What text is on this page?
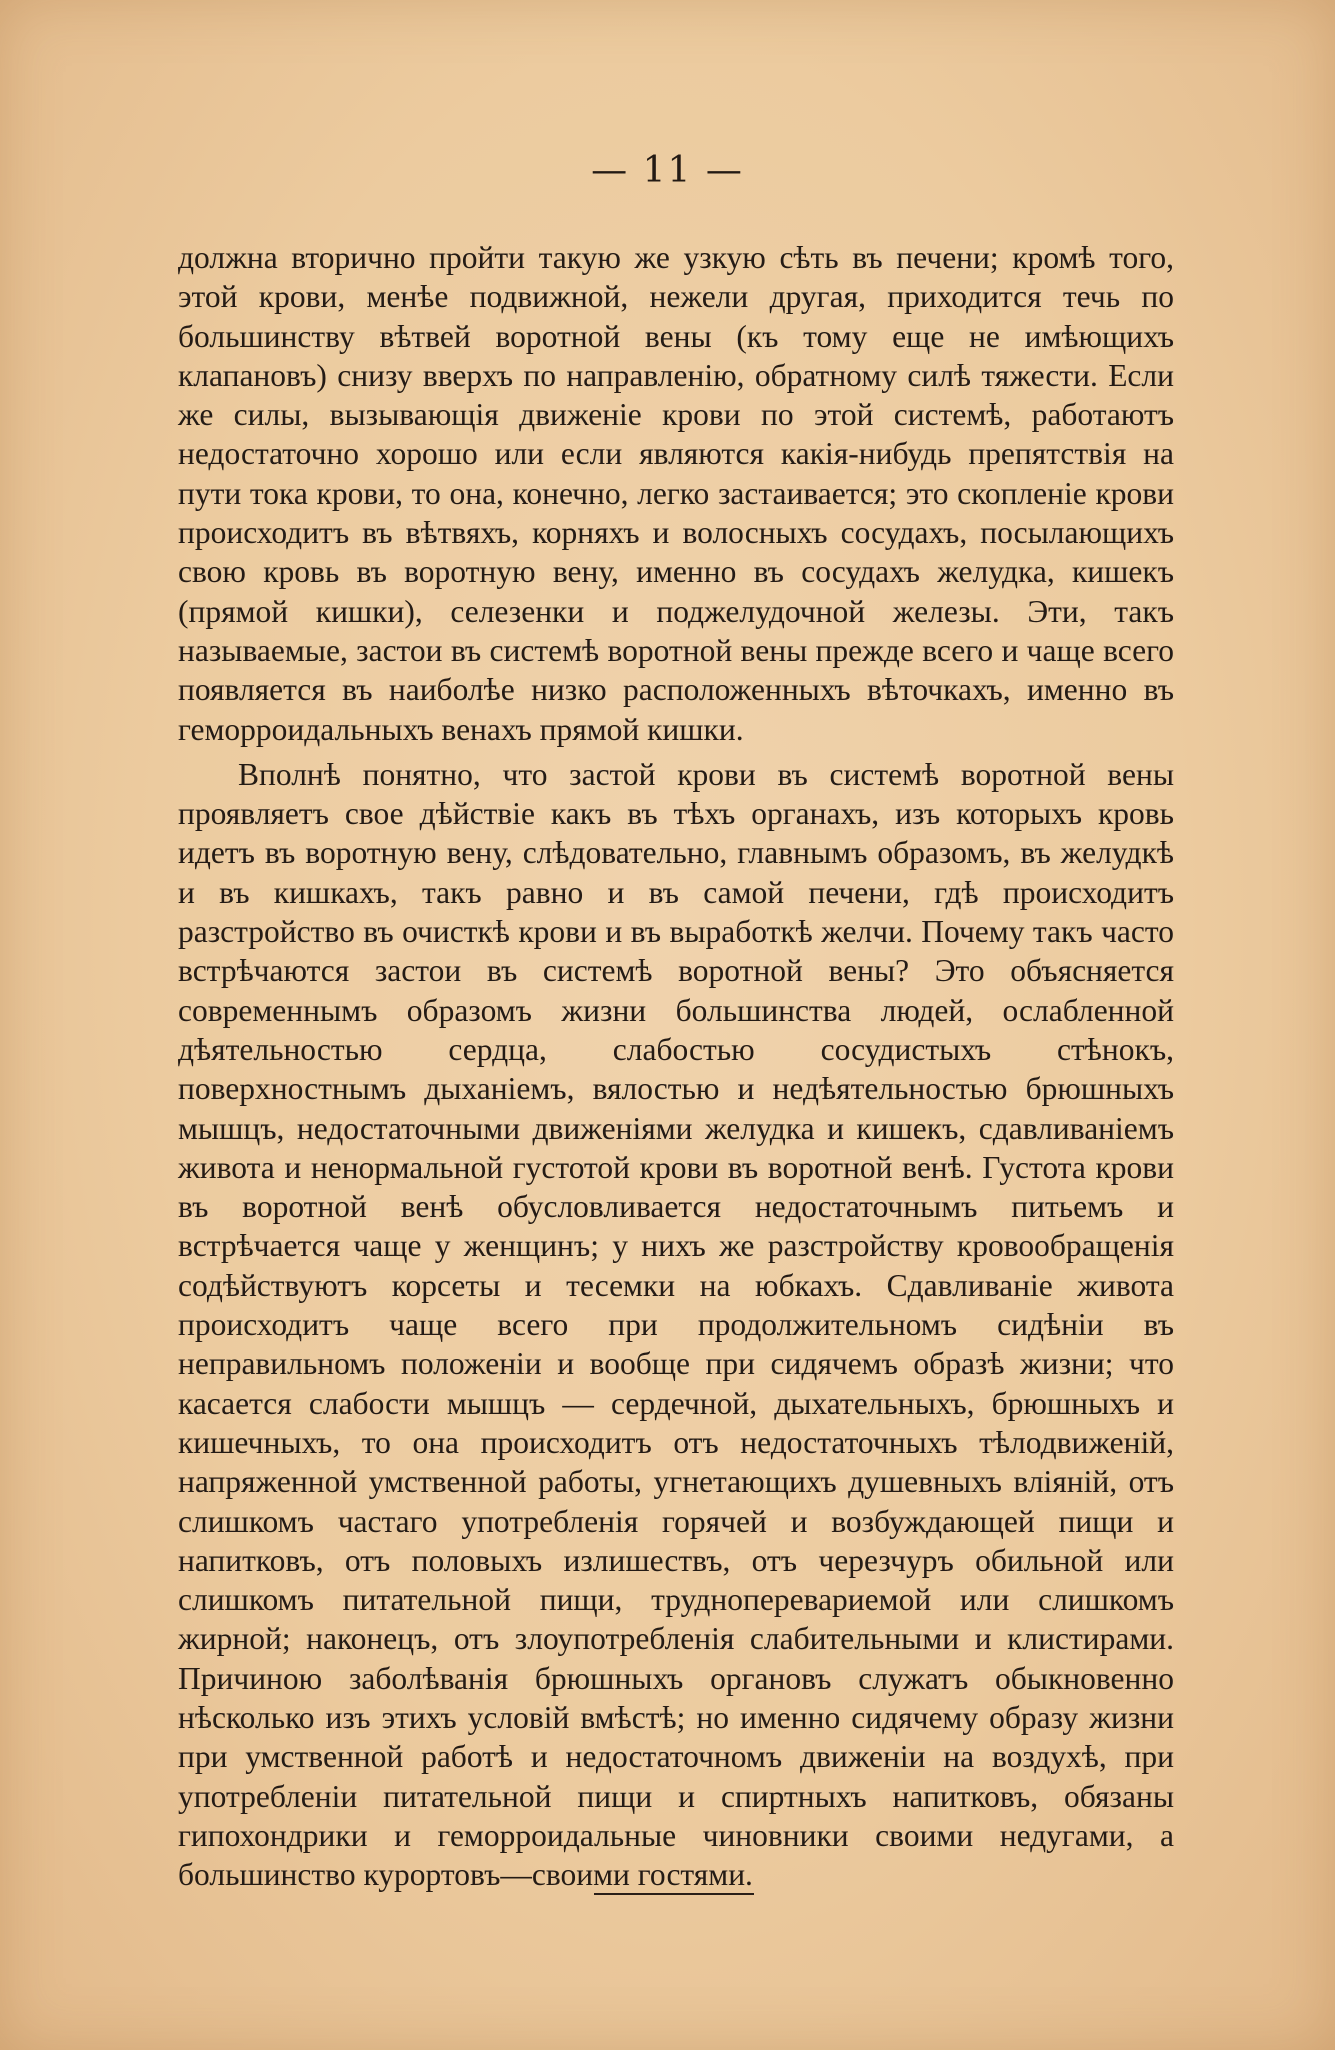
— 11 —

должна вторично пройти такую же узкую сѣть въ печени; кромѣ того, этой крови, менѣе подвижной, нежели другая, приходится течь по большинству вѣтвей воротной вены (къ тому еще не имѣющихъ клапановъ) снизу вверхъ по направленію, обратному силѣ тяжести. Если же силы, вызывающія движеніе крови по этой системѣ, работаютъ недостаточно хорошо или если являются какія-нибудь препятствія на пути тока крови, то она, конечно, легко застаивается; это скопленіе крови происходитъ въ вѣтвяхъ, корняхъ и волосныхъ сосудахъ, посылающихъ свою кровь въ воротную вену, именно въ сосудахъ желудка, кишекъ (прямой кишки), селезенки и поджелудочной железы. Эти, такъ называемые, застои въ системѣ воротной вены прежде всего и чаще всего появляется въ наиболѣе низко расположенныхъ вѣточкахъ, именно въ геморроидальныхъ венахъ прямой кишки.

Вполнѣ понятно, что застой крови въ системѣ воротной вены проявляетъ свое дѣйствіе какъ въ тѣхъ органахъ, изъ которыхъ кровь идетъ въ воротную вену, слѣдовательно, главнымъ образомъ, въ желудкѣ и въ кишкахъ, такъ равно и въ самой печени, гдѣ происходитъ разстройство въ очисткѣ крови и въ выработкѣ желчи. Почему такъ часто встрѣчаются застои въ системѣ воротной вены? Это объясняется современнымъ образомъ жизни большинства людей, ослабленной дѣятельностью сердца, слабостью сосудистыхъ стѣнокъ, поверхностнымъ дыханіемъ, вялостью и недѣятельностью брюшныхъ мышцъ, недостаточными движеніями желудка и кишекъ, сдавливаніемъ живота и ненормальной густотой крови въ воротной венѣ. Густота крови въ воротной венѣ обусловливается недостаточнымъ питьемъ и встрѣчается чаще у женщинъ; у нихъ же разстройству кровообращенія содѣйствуютъ корсеты и тесемки на юбкахъ. Сдавливаніе живота происходитъ чаще всего при продолжительномъ сидѣніи въ неправильномъ положеніи и вообще при сидячемъ образѣ жизни; что касается слабости мышцъ — сердечной, дыхательныхъ, брюшныхъ и кишечныхъ, то она происходитъ отъ недостаточныхъ тѣлодвиженій, напряженной умственной работы, угнетающихъ душевныхъ вліяній, отъ слишкомъ частаго употребленія горячей и возбуждающей пищи и напитковъ, отъ половыхъ излишествъ, отъ черезчуръ обильной или слишкомъ питательной пищи, трудноперевариемой или слишкомъ жирной; наконецъ, отъ злоупотребленія слабительными и клистирами. Причиною заболѣванія брюшныхъ органовъ служатъ обыкновенно нѣсколько изъ этихъ условій вмѣстѣ; но именно сидячему образу жизни при умственной работѣ и недостаточномъ движеніи на воздухѣ, при употребленіи питательной пищи и спиртныхъ напитковъ, обязаны гипохондрики и геморроидальные чиновники своими недугами, а большинство курортовъ—своими гостями.
